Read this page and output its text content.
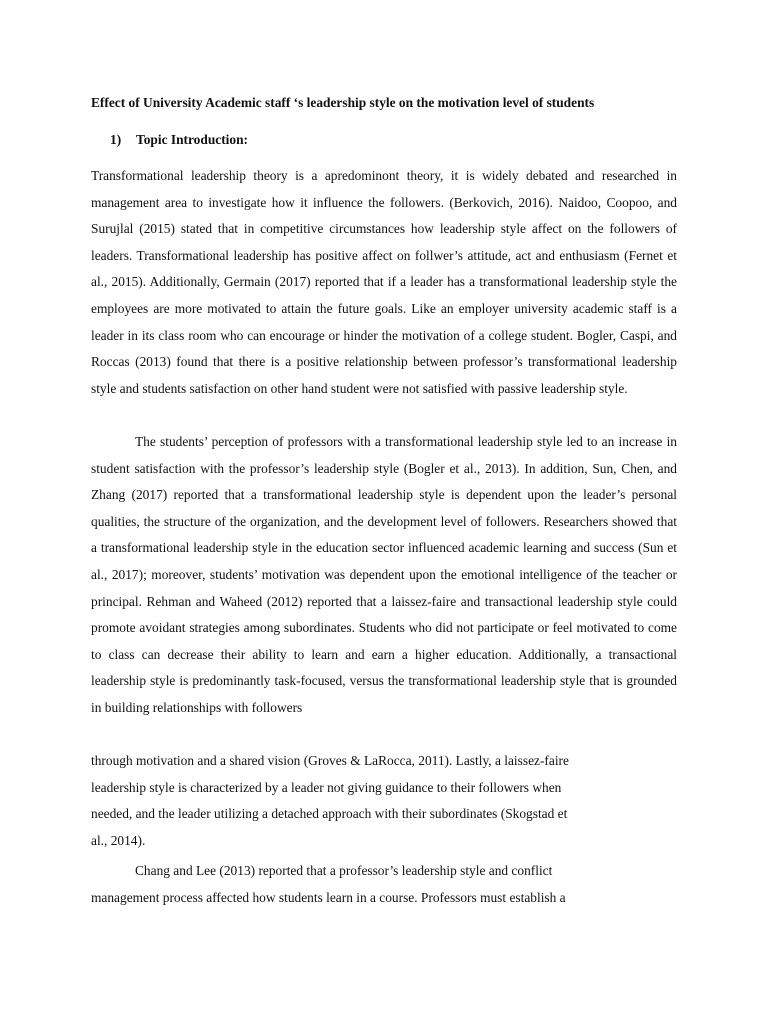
Effect of University Academic staff ‘s leadership style on the motivation level of students
1) Topic Introduction:
Transformational leadership theory is a apredominont theory, it is widely debated and researched in management area to investigate how it influence the followers. (Berkovich, 2016). Naidoo, Coopoo, and Surujlal (2015) stated that in competitive circumstances how leadership style affect on the followers of leaders. Transformational leadership has positive affect on follwer’s attitude, act and enthusiasm (Fernet et al., 2015). Additionally, Germain (2017) reported that if a leader has a transformational leadership style the employees are more motivated to attain the future goals. Like an employer university academic staff is a leader in its class room who can encourage or hinder the motivation of a college student. Bogler, Caspi, and Roccas (2013) found that there is a positive relationship between professor’s transformational leadership style and students satisfaction on other hand student were not satisfied with passive leadership style.
The students’ perception of professors with a transformational leadership style led to an increase in student satisfaction with the professor’s leadership style (Bogler et al., 2013). In addition, Sun, Chen, and Zhang (2017) reported that a transformational leadership style is dependent upon the leader’s personal qualities, the structure of the organization, and the development level of followers. Researchers showed that a transformational leadership style in the education sector influenced academic learning and success (Sun et al., 2017); moreover, students’ motivation was dependent upon the emotional intelligence of the teacher or principal. Rehman and Waheed (2012) reported that a laissez-faire and transactional leadership style could promote avoidant strategies among subordinates. Students who did not participate or feel motivated to come to class can decrease their ability to learn and earn a higher education. Additionally, a transactional leadership style is predominantly task-focused, versus the transformational leadership style that is grounded in building relationships with followers
through motivation and a shared vision (Groves & LaRocca, 2011). Lastly, a laissez-faire
leadership style is characterized by a leader not giving guidance to their followers when
needed, and the leader utilizing a detached approach with their subordinates (Skogstad et
al., 2014).
Chang and Lee (2013) reported that a professor’s leadership style and conflict
management process affected how students learn in a course. Professors must establish a
